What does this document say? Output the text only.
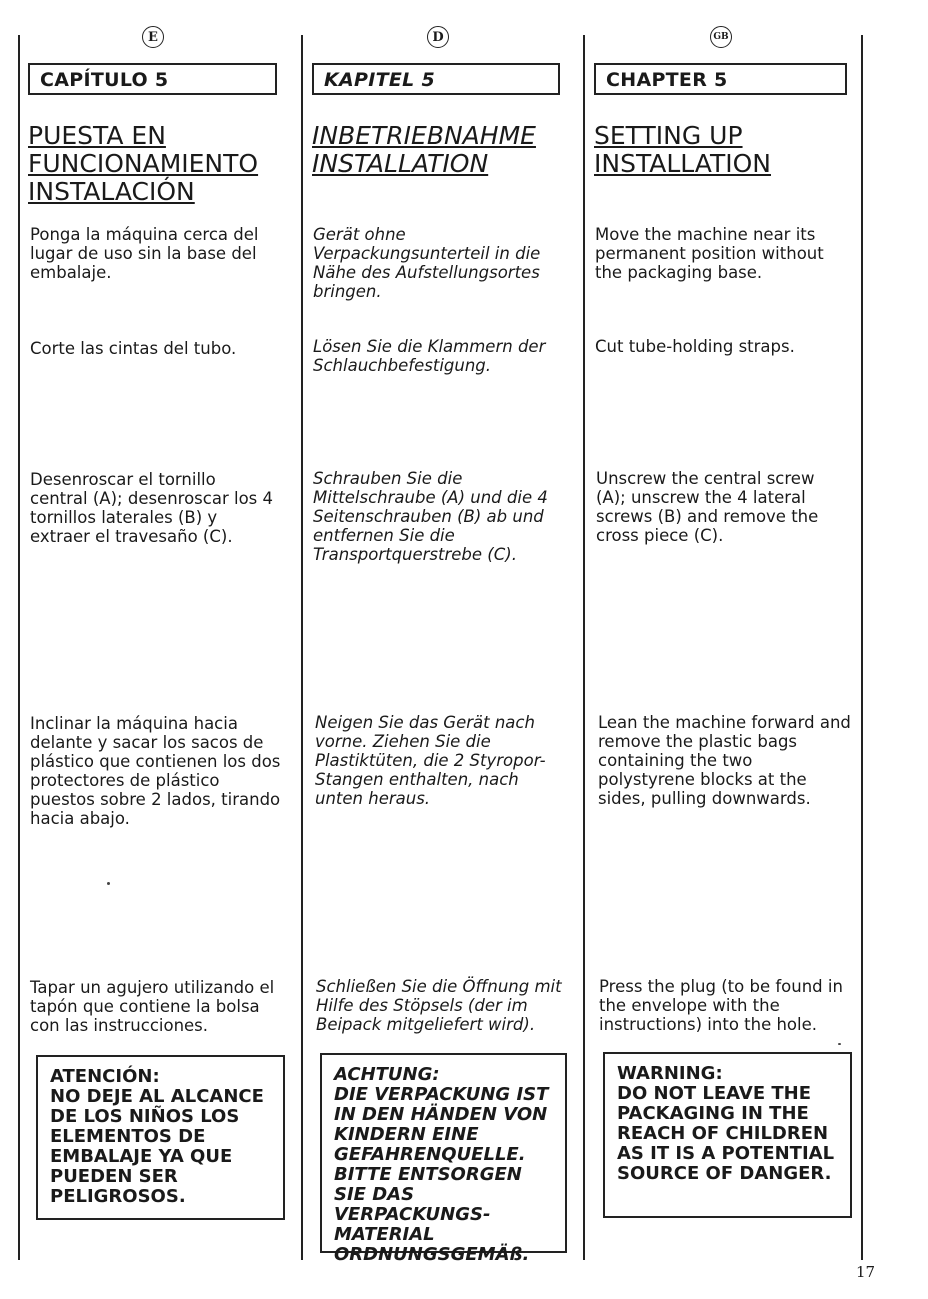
E
CAPÍTULO 5
PUESTA EN
FUNCIONAMIENTO
INSTALACIÓN
Ponga la máquina cerca del lugar de uso sin la base del embalaje.
Corte las cintas del tubo.
Desenroscar el tornillo central (A); desenroscar los 4 tornillos laterales (B) y extraer el travesaño (C).
Inclinar la máquina hacia delante y sacar los sacos de plástico que contienen los dos protectores de plástico puestos sobre 2 lados, tirando hacia abajo.
Tapar un agujero utilizando el tapón que contiene la bolsa con las instrucciones.
ATENCIÓN:
NO DEJE AL ALCANCE DE LOS NIÑOS LOS ELEMENTOS DE EMBALAJE YA QUE PUEDEN SER PELIGROSOS.
D
KAPITEL 5
INBETRIEBNAHME
INSTALLATION
Gerät ohne Verpackungsunterteil in die Nähe des Aufstellungsortes bringen.
Lösen Sie die Klammern der Schlauchbefestigung.
Schrauben Sie die Mittelschraube (A) und die 4 Seitenschrauben (B) ab und entfernen Sie die Transportquerstrebe (C).
Neigen Sie das Gerät nach vorne. Ziehen Sie die Plastiktüten, die 2 Styropor-Stangen enthalten, nach unten heraus.
Schließen Sie die Öffnung mit Hilfe des Stöpsels (der im Beipack mitgeliefert wird).
ACHTUNG:
DIE VERPACKUNG IST IN DEN HÄNDEN VON KINDERN EINE GEFAHRENQUELLE. BITTE ENTSORGEN SIE DAS VERPACKUNGS-MATERIAL ORDNUNGSGEMÄß.
GB
CHAPTER 5
SETTING UP
INSTALLATION
Move the machine near its permanent position without the packaging base.
Cut tube-holding straps.
Unscrew the central screw (A); unscrew the 4 lateral screws (B) and remove the cross piece (C).
Lean the machine forward and remove the plastic bags containing the two polystyrene blocks at the sides, pulling downwards.
Press the plug (to be found in the envelope with the instructions) into the hole.
WARNING:
DO NOT LEAVE THE PACKAGING IN THE REACH OF CHILDREN AS IT IS A POTENTIAL SOURCE OF DANGER.
17
